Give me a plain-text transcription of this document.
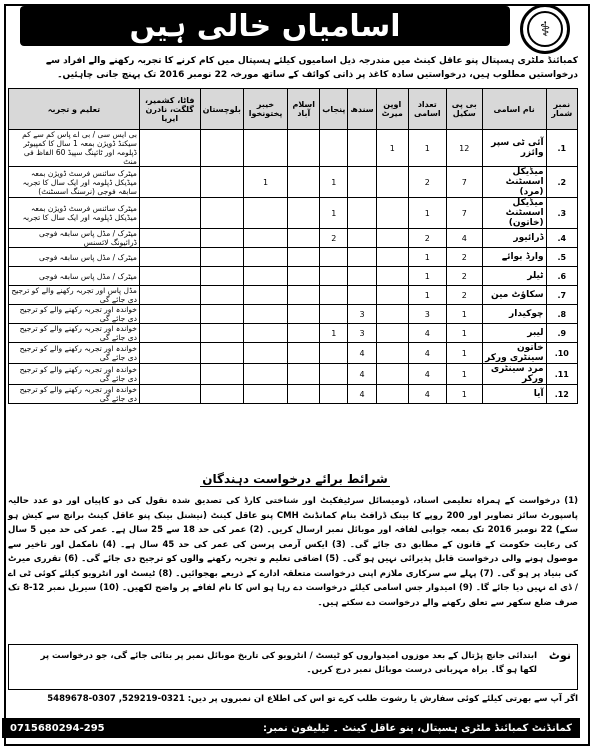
اسامیاں خالی ہیں	⚕
کمبائنڈ ملٹری ہسپتال پنو عاقل کینٹ میں مندرجہ ذیل اسامیوں کیلئے ہسپتال میں کام کرنے کا تجربہ رکھنے والے افراد سے درخواستیں مطلوب ہیں، درخواستیں سادہ کاغذ پر ذاتی کوائف کے ساتھ مورخہ 22 نومبر 2016 تک پہنچ جانی چاہئیں۔
نمبر شمار	نام اسامی	بی پی سکیل	تعداد اسامی	اوپن میرٹ	سندھ	پنجاب	اسلام آباد	خیبر پختونخوا	بلوچستان	فاٹا، کشمیر، گلگت، نادرن ایریا	تعلیم و تجربہ
1.	آئی ٹی سپر وائزر	12	1	1							بی ایس سی / بی اے پاس کم سے کم سیکنڈ ڈویژن بمعہ 1 سال کا کمپیوٹر ڈپلومہ اور ٹائپنگ سپیڈ 60 الفاظ فی منٹ
2.	میڈیکل اسسٹنٹ (مرد)	7	2			1		1			میٹرک سائنس فرسٹ ڈویژن بمعہ میڈیکل ڈپلومہ اور ایک سال کا تجربہ سابقہ فوجی (نرسنگ اسسٹنٹ)
3.	میڈیکل اسسٹنٹ (خاتون)	7	1			1					میٹرک سائنس فرسٹ ڈویژن بمعہ میڈیکل ڈپلومہ اور ایک سال کا تجربہ
4.	ڈرائیور	4	2			2					میٹرک / مڈل پاس سابقہ فوجی ڈرائیونگ لائسنس
5.	وارڈ بوائے	2	1								میٹرک / مڈل پاس سابقہ فوجی
6.	ٹیلر	2	1								میٹرک / مڈل پاس سابقہ فوجی
7.	سکاؤٹ مین	2	1								مڈل پاس اور تجربہ رکھنے والے کو ترجیح دی جائے گی
8.	چوکیدار	1	3		3						خواندہ اور تجربہ رکھنے والے کو ترجیح دی جائے گی
9.	لیبر	1	4		3	1					خواندہ اور تجربہ رکھنے والے کو ترجیح دی جائے گی
10.	خاتون سینٹری ورکر	1	4		4						خواندہ اور تجربہ رکھنے والے کو ترجیح دی جائے گی
11.	مرد سینٹری ورکر	1	4		4						خواندہ اور تجربہ رکھنے والے کو ترجیح دی جائے گی
12.	آیا	1	4		4						خواندہ اور تجربہ رکھنے والے کو ترجیح دی جائے گی
شرائط برائے درخواست دہندگان
(1) درخواست کے ہمراہ تعلیمی اسناد، ڈومیسائل سرٹیفکیٹ اور شناختی کارڈ کی تصدیق شدہ نقول کی دو کاپیاں اور دو عدد حالیہ پاسپورٹ سائز تصاویر اور 200 روپے کا بینک ڈرافٹ بنام کمانڈنٹ CMH پنو عاقل کینٹ (نیشنل بینک پنو عاقل کینٹ برانچ سے کیش ہو سکے) 22 نومبر 2016 تک بمعہ جوابی لفافہ اور موبائل نمبر ارسال کریں۔ (2) عمر کی حد 18 سے 25 سال ہے۔ عمر کی حد میں 5 سال کی رعایت حکومت کے قانون کے مطابق دی جائے گی۔ (3) ایکس آرمی پرسن کی عمر کی حد 45 سال ہے۔ (4) نامکمل اور تاخیر سے موصول ہونے والی درخواست قابل پذیرائی نہیں ہو گی۔ (5) اضافی تعلیم و تجربہ رکھنے والوں کو ترجیح دی جائے گی۔ (6) تقرری میرٹ کی بنیاد پر ہو گی۔ (7) پہلے سے سرکاری ملازم اپنی درخواست متعلقہ ادارے کے ذریعے بھجوائیں۔ (8) ٹیسٹ اور انٹرویو کیلئے کوئی ٹی اے / ڈی اے نہیں دیا جائے گا۔ (9) امیدوار جس اسامی کیلئے درخواست دے رہا ہو اس کا نام لفافے پر واضح لکھیں۔ (10) سیریل نمبر 12-8 تک صرف ضلع سکھر سے تعلق رکھنے والے درخواست دے سکتے ہیں۔
نوٹ
ابتدائی جانچ پڑتال کے بعد موزوں امیدواروں کو ٹیسٹ / انٹرویو کی تاریخ موبائل نمبر پر بتائی جائے گی، جو درخواست پر لکھا ہو گا۔ براہ مہربانی درست موبائل نمبر درج کریں۔
اگر آپ سے بھرتی کیلئے کوئی سفارش یا رشوت طلب کرے تو اس کی اطلاع ان نمبروں پر دیں: 0321-529219, 0307-5489678
0715680294-295	کمانڈنٹ کمبائنڈ ملٹری ہسپتال، پنو عاقل کینٹ ۔ ٹیلیفون نمبر:
